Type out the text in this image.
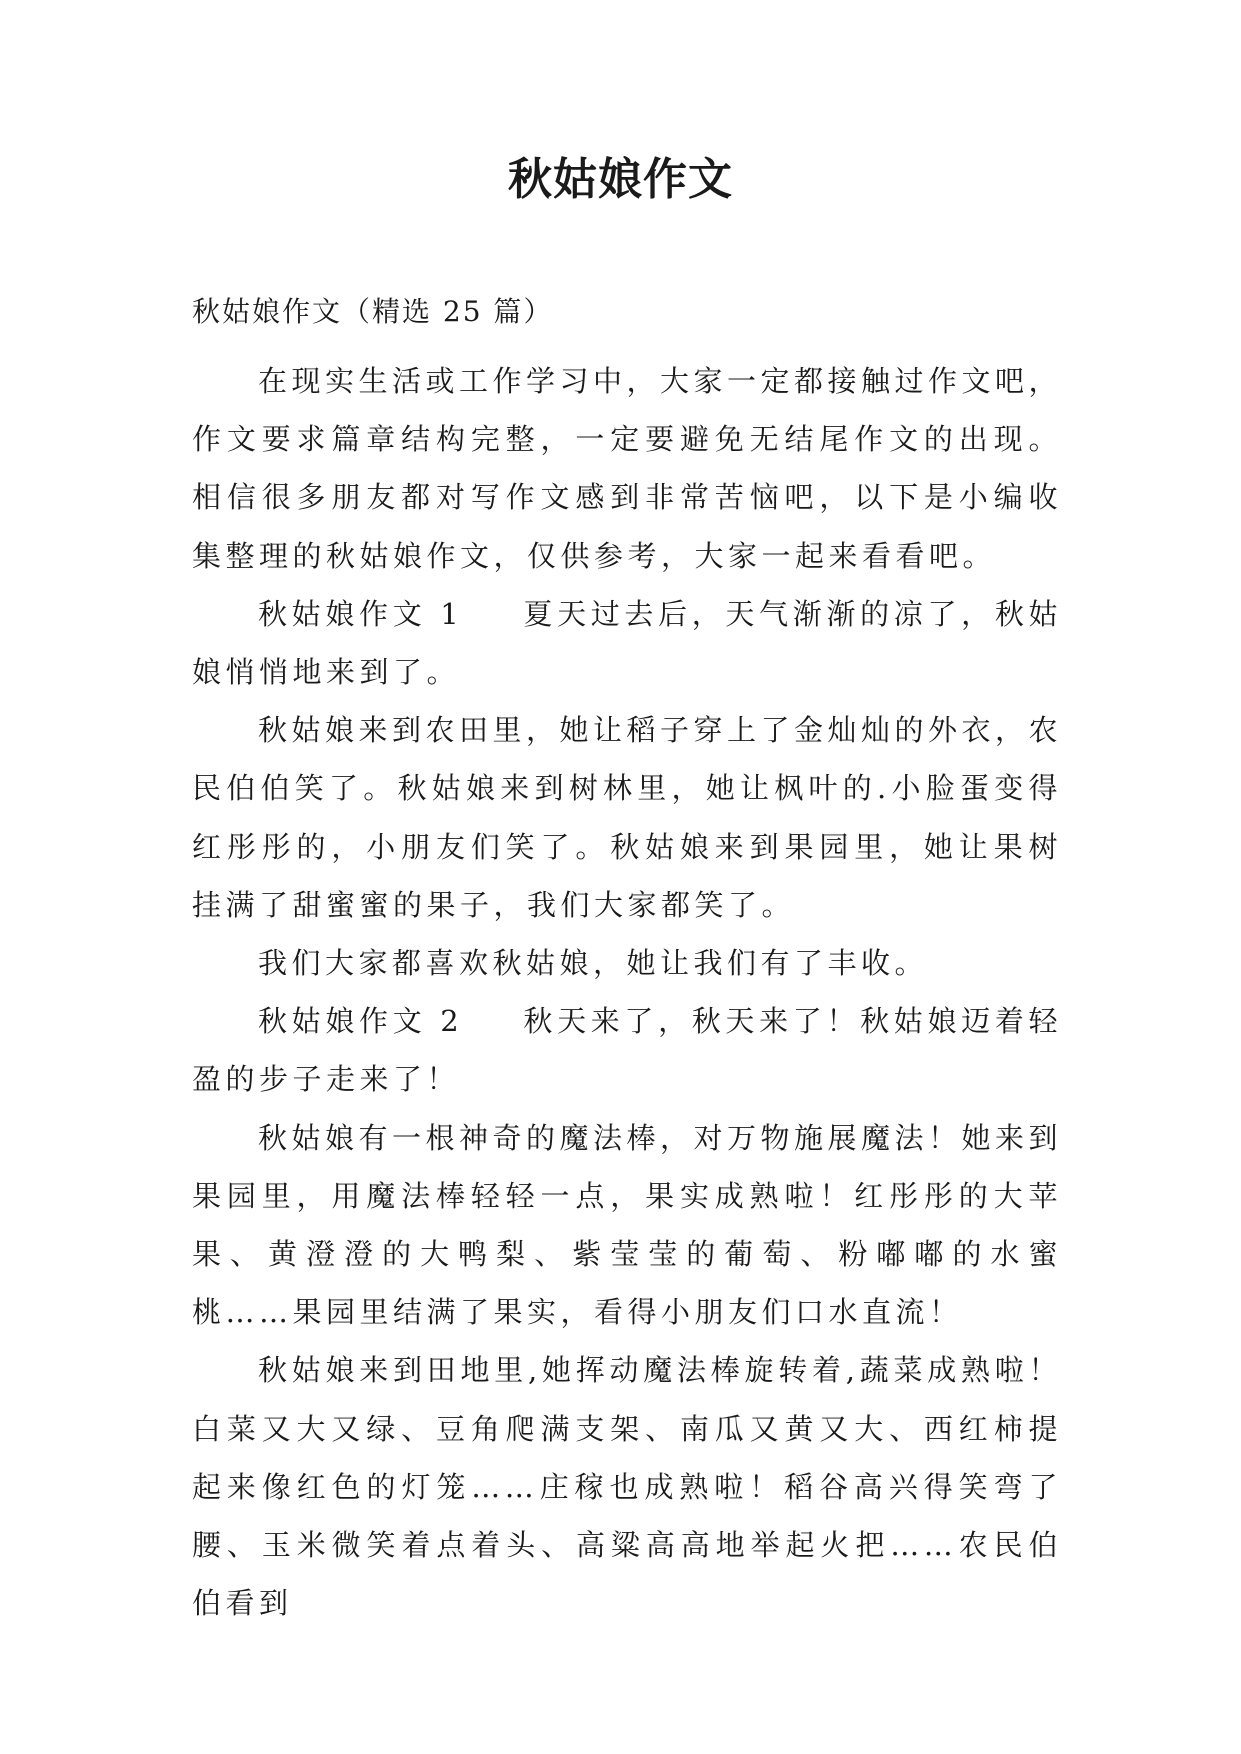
秋姑娘作文
秋姑娘作文（精选 25 篇）

在现实生活或工作学习中，大家一定都接触过作文吧，作文要求篇章结构完整，一定要避免无结尾作文的出现。相信很多朋友都对写作文感到非常苦恼吧，以下是小编收集整理的秋姑娘作文，仅供参考，大家一起来看看吧。

秋姑娘作文 1 夏天过去后，天气渐渐的凉了，秋姑娘悄悄地来到了。

秋姑娘来到农田里，她让稻子穿上了金灿灿的外衣，农民伯伯笑了。秋姑娘来到树林里，她让枫叶的.小脸蛋变得红彤彤的，小朋友们笑了。秋姑娘来到果园里，她让果树挂满了甜蜜蜜的果子，我们大家都笑了。

我们大家都喜欢秋姑娘，她让我们有了丰收。

秋姑娘作文 2 秋天来了，秋天来了！秋姑娘迈着轻盈的步子走来了！

秋姑娘有一根神奇的魔法棒，对万物施展魔法！她来到果园里，用魔法棒轻轻一点，果实成熟啦！红彤彤的大苹果、黄澄澄的大鸭梨、紫莹莹的葡萄、粉嘟嘟的水蜜桃……果园里结满了果实，看得小朋友们口水直流！

秋姑娘来到田地里,她挥动魔法棒旋转着,蔬菜成熟啦！白菜又大又绿、豆角爬满支架、南瓜又黄又大、西红柿提起来像红色的灯笼……庄稼也成熟啦！稻谷高兴得笑弯了腰、玉米微笑着点着头、高粱高高地举起火把……农民伯伯看到
